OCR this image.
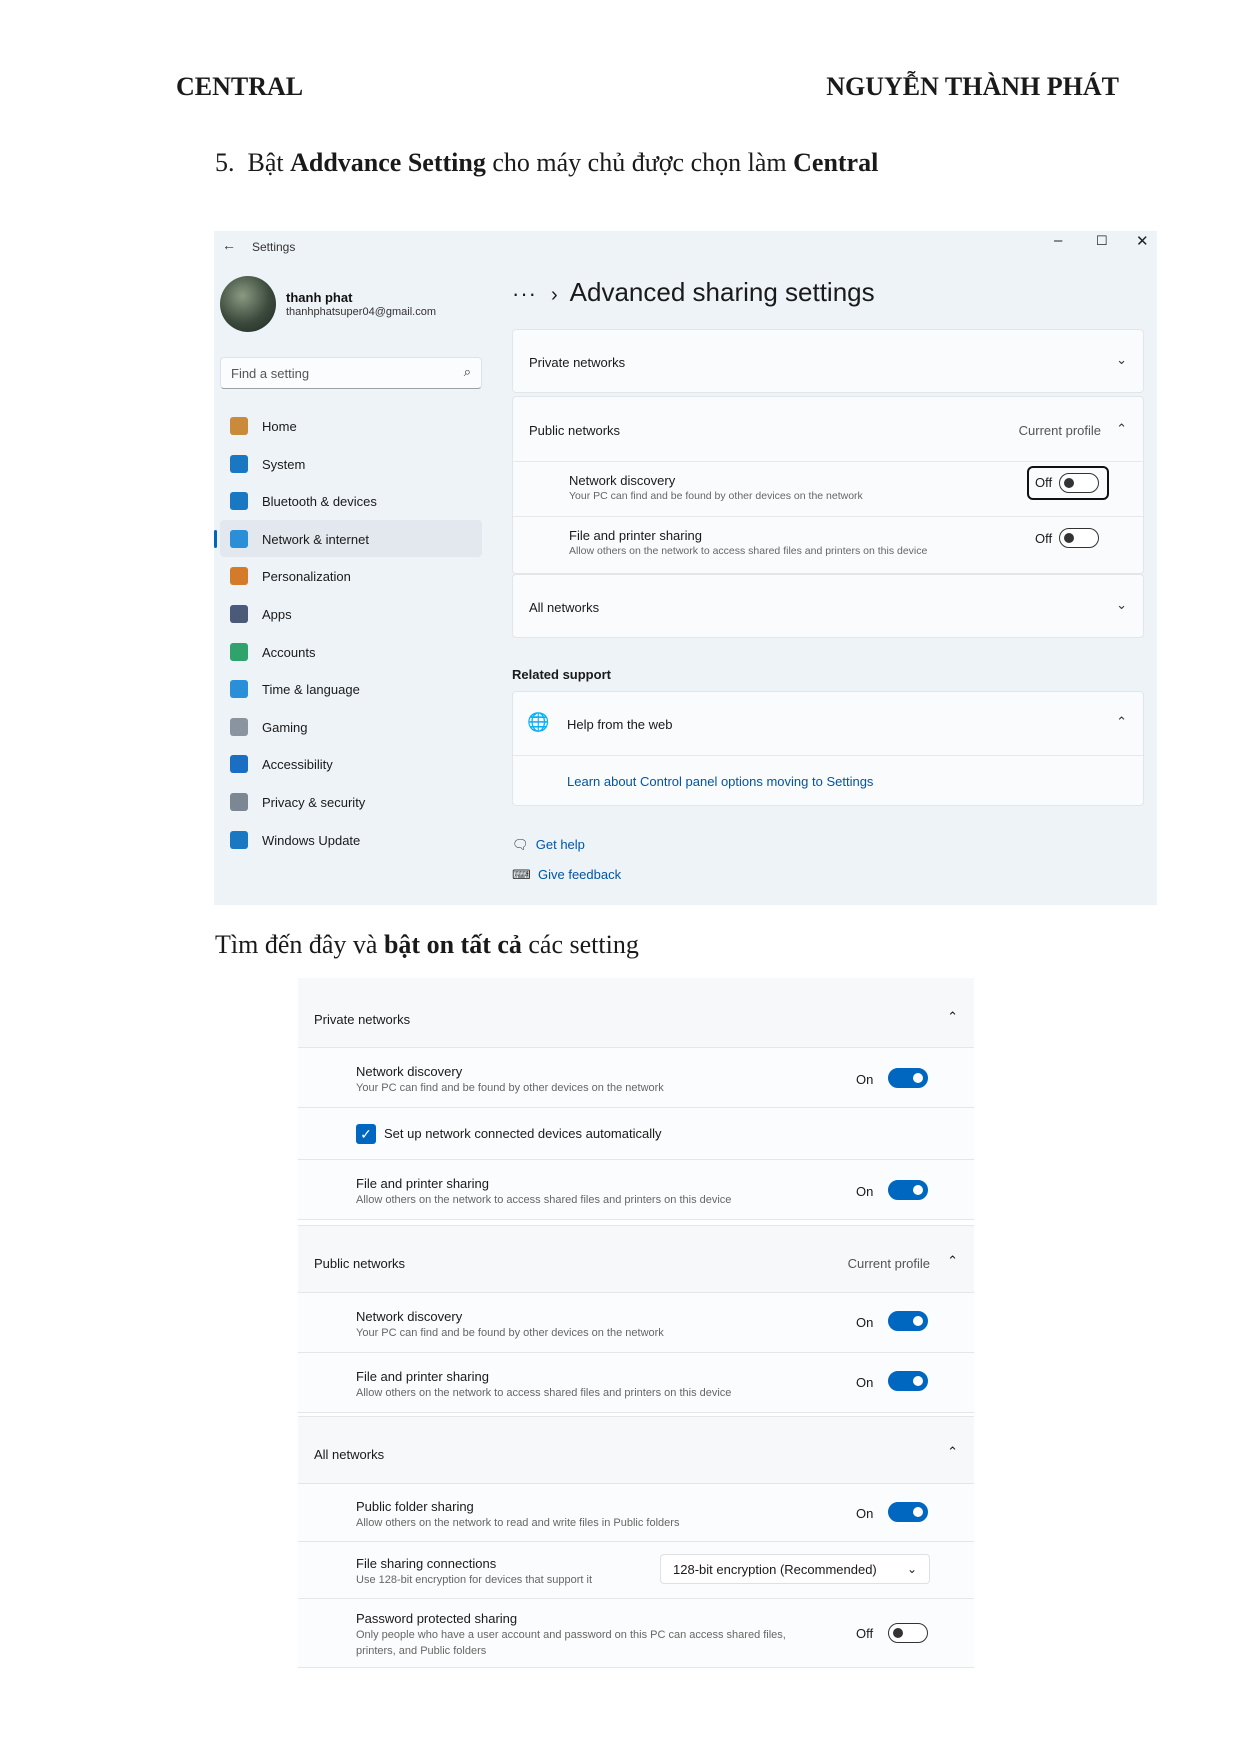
CENTRAL	NGUYỄN THÀNH PHÁT
5. Bật Addvance Setting cho máy chủ được chọn làm Central
← Settings	–	☐ ✕
thanh phat
thanhphatsuper04@gmail.com
Find a setting	⌕
Home
System
Bluetooth & devices
Network & internet
Personalization
Apps
Accounts
Time & language
Gaming
Accessibility
Privacy & security
Windows Update
··· › Advanced sharing settings
Private networks	⌄
Public networks	Current profile ⌃
Network discovery
Your PC can find and be found by other devices on the network
Off
File and printer sharing
Allow others on the network to access shared files and printers on this device
Off
All networks	⌄
Related support
🌐 Help from the web	⌃
Learn about Control panel options moving to Settings
🗨 Get help
⌨ Give feedback
Tìm đến đây và bật on tất cả các setting
Private networks	⌃
Network discovery
Your PC can find and be found by other devices on the network
On
✓ Set up network connected devices automatically
File and printer sharing
Allow others on the network to access shared files and printers on this device
On
Public networks	Current profile ⌃
Network discovery
Your PC can find and be found by other devices on the network
On
File and printer sharing
Allow others on the network to access shared files and printers on this device
On
All networks	⌃
Public folder sharing
Allow others on the network to read and write files in Public folders
On
File sharing connections
Use 128-bit encryption for devices that support it
128-bit encryption (Recommended)	⌄
Password protected sharing
Only people who have a user account and password on this PC can access shared files,
printers, and Public folders
Off
